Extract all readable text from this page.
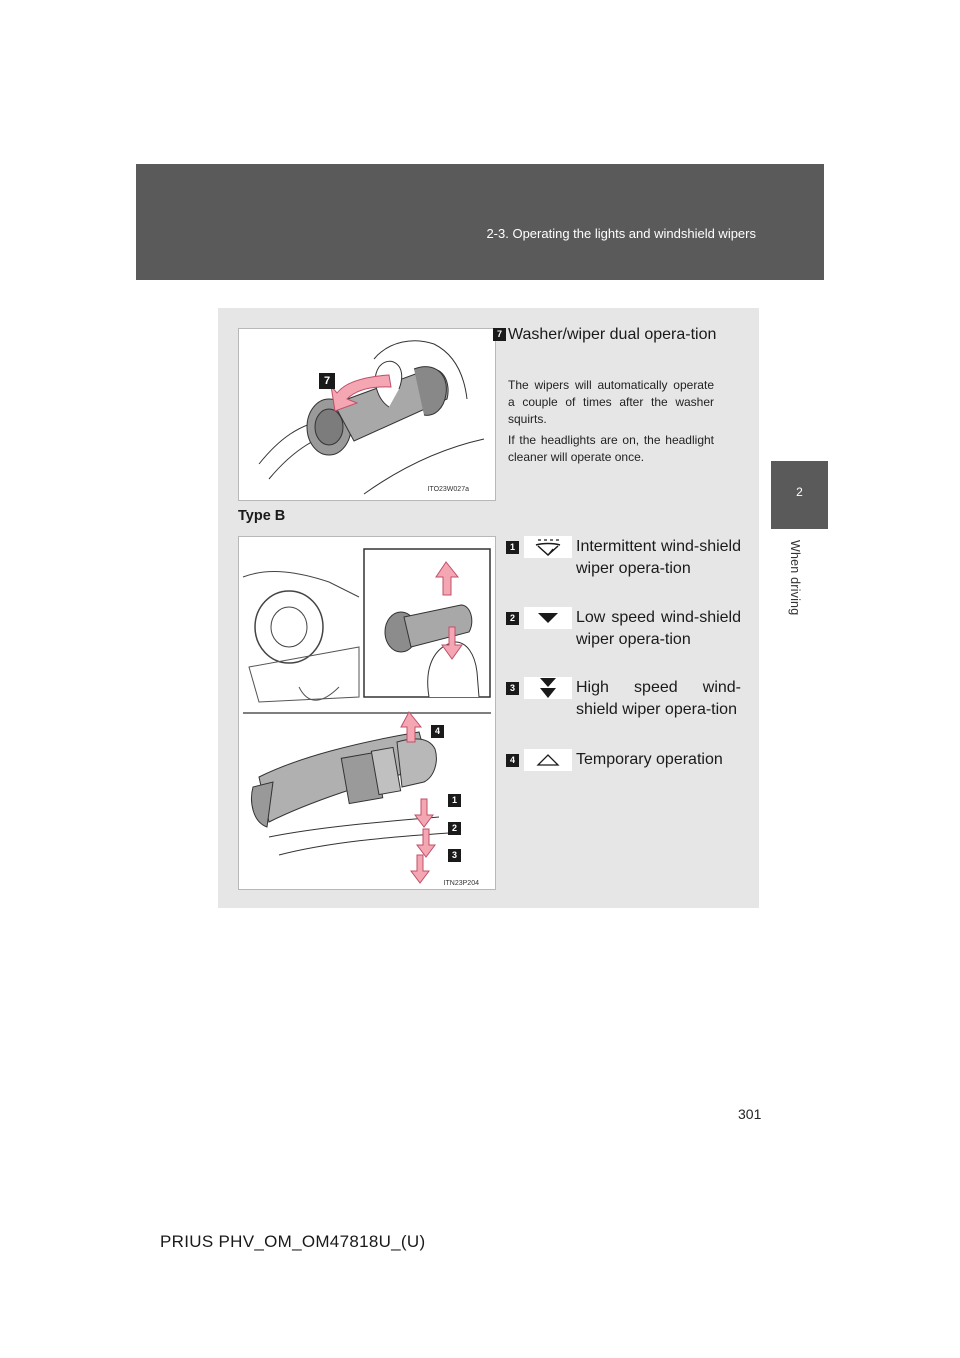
2-3. Operating the lights and windshield wipers
2
When driving
ITO23W027a
7
7 Washer/wiper dual opera-tion
The wipers will automatically operate a couple of times after the washer squirts.
If the headlights are on, the headlight cleaner will operate once.
Type B
ITN23P204
4
1
2
3
1	Intermittent wind-shield wiper opera-tion
2	Low speed wind-shield wiper opera-tion
3	High speed wind-shield wiper opera-tion
4	Temporary operation
301
PRIUS PHV_OM_OM47818U_(U)
